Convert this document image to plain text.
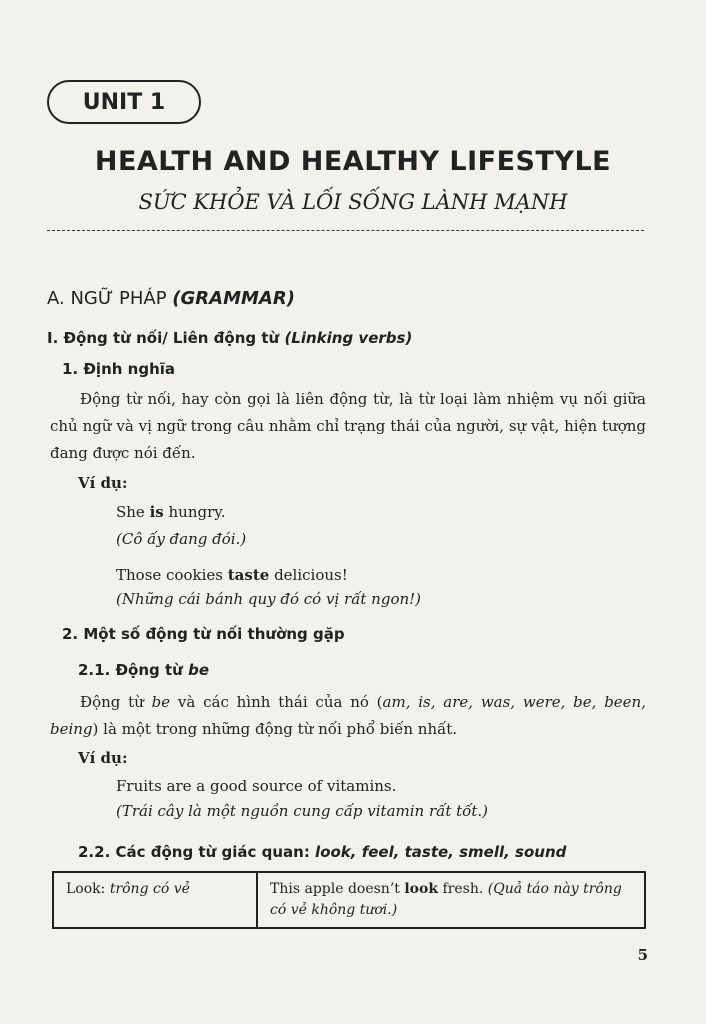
UNIT 1
HEALTH AND HEALTHY LIFESTYLE
SỨC KHỎE VÀ LỐI SỐNG LÀNH MẠNH
A. NGỮ PHÁP (GRAMMAR)
I. Động từ nối/ Liên động từ (Linking verbs)
1. Định nghĩa
Động từ nối, hay còn gọi là liên động từ, là từ loại làm nhiệm vụ nối giữa chủ ngữ và vị ngữ trong câu nhằm chỉ trạng thái của người, sự vật, hiện tượng đang được nói đến.
Ví dụ:
She is hungry.
(Cô ấy đang đói.)
Those cookies taste delicious!
(Những cái bánh quy đó có vị rất ngon!)
2. Một số động từ nối thường gặp
2.1. Động từ be
Động từ be và các hình thái của nó (am, is, are, was, were, be, been, being) là một trong những động từ nối phổ biến nhất.
Ví dụ:
Fruits are a good source of vitamins.
(Trái cây là một nguồn cung cấp vitamin rất tốt.)
2.2. Các động từ giác quan: look, feel, taste, smell, sound
Look: trông có vẻ	This apple doesn’t look fresh. (Quả táo này trông có vẻ không tươi.)
5
